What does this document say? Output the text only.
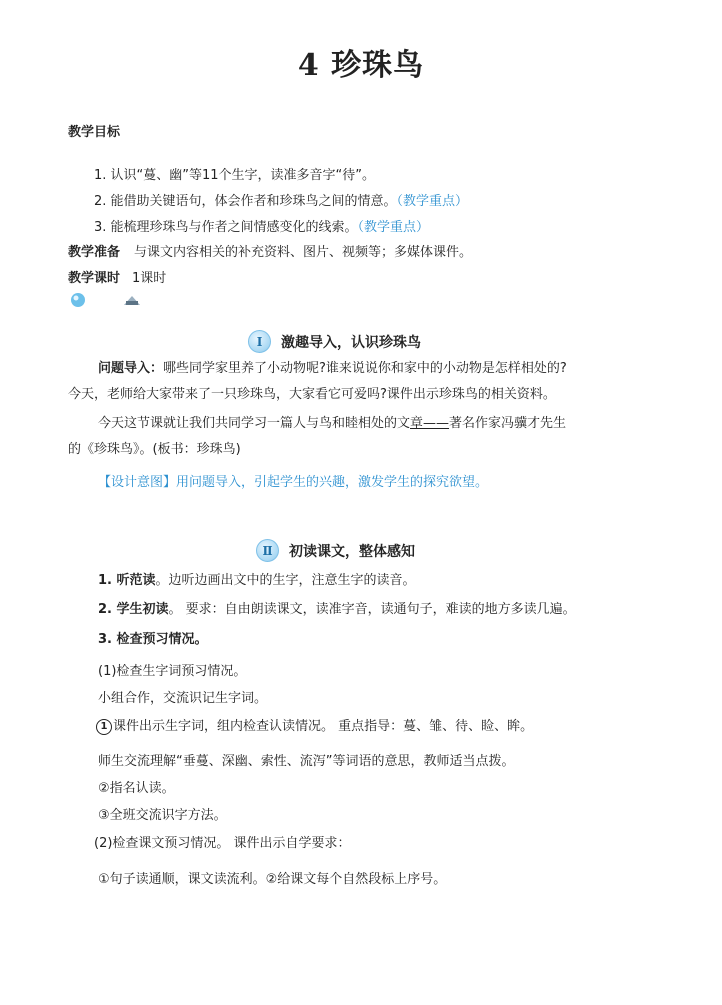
4 珍珠鸟
教学目标
1. 认识“蔓、幽”等11个生字，读准多音字“待”。
2. 能借助关键语句，体会作者和珍珠鸟之间的情意。（教学重点）
3. 能梳理珍珠鸟与作者之间情感变化的线索。（教学重点）
教学准备 与课文内容相关的补充资料、图片、视频等；多媒体课件。
教学课时 1课时
Ⅰ	激趣导入，认识珍珠鸟
问题导入：哪些同学家里养了小动物呢?谁来说说你和家中的小动物是怎样相处的?
今天，老师给大家带来了一只珍珠鸟，大家看它可爱吗?课件出示珍珠鸟的相关资料。
今天这节课就让我们共同学习一篇人与鸟和睦相处的文章——著名作家冯骥才先生
的《珍珠鸟》。(板书：珍珠鸟)
【设计意图】用问题导入，引起学生的兴趣，激发学生的探究欲望。
Ⅱ	初读课文，整体感知
1. 听范读。边听边画出文中的生字，注意生字的读音。
2. 学生初读。 要求：自由朗读课文，读准字音，读通句子，难读的地方多读几遍。
3. 检查预习情况。
(1)检查生字词预习情况。
小组合作，交流识记生字词。
1 课件出示生字词，组内检查认读情况。 重点指导：蔓、雏、待、睑、眸。
师生交流理解“垂蔓、深幽、索性、流泻”等词语的意思，教师适当点拨。
②指名认读。
③全班交流识字方法。
(2)检查课文预习情况。 课件出示自学要求：
①句子读通顺，课文读流利。②给课文每个自然段标上序号。
